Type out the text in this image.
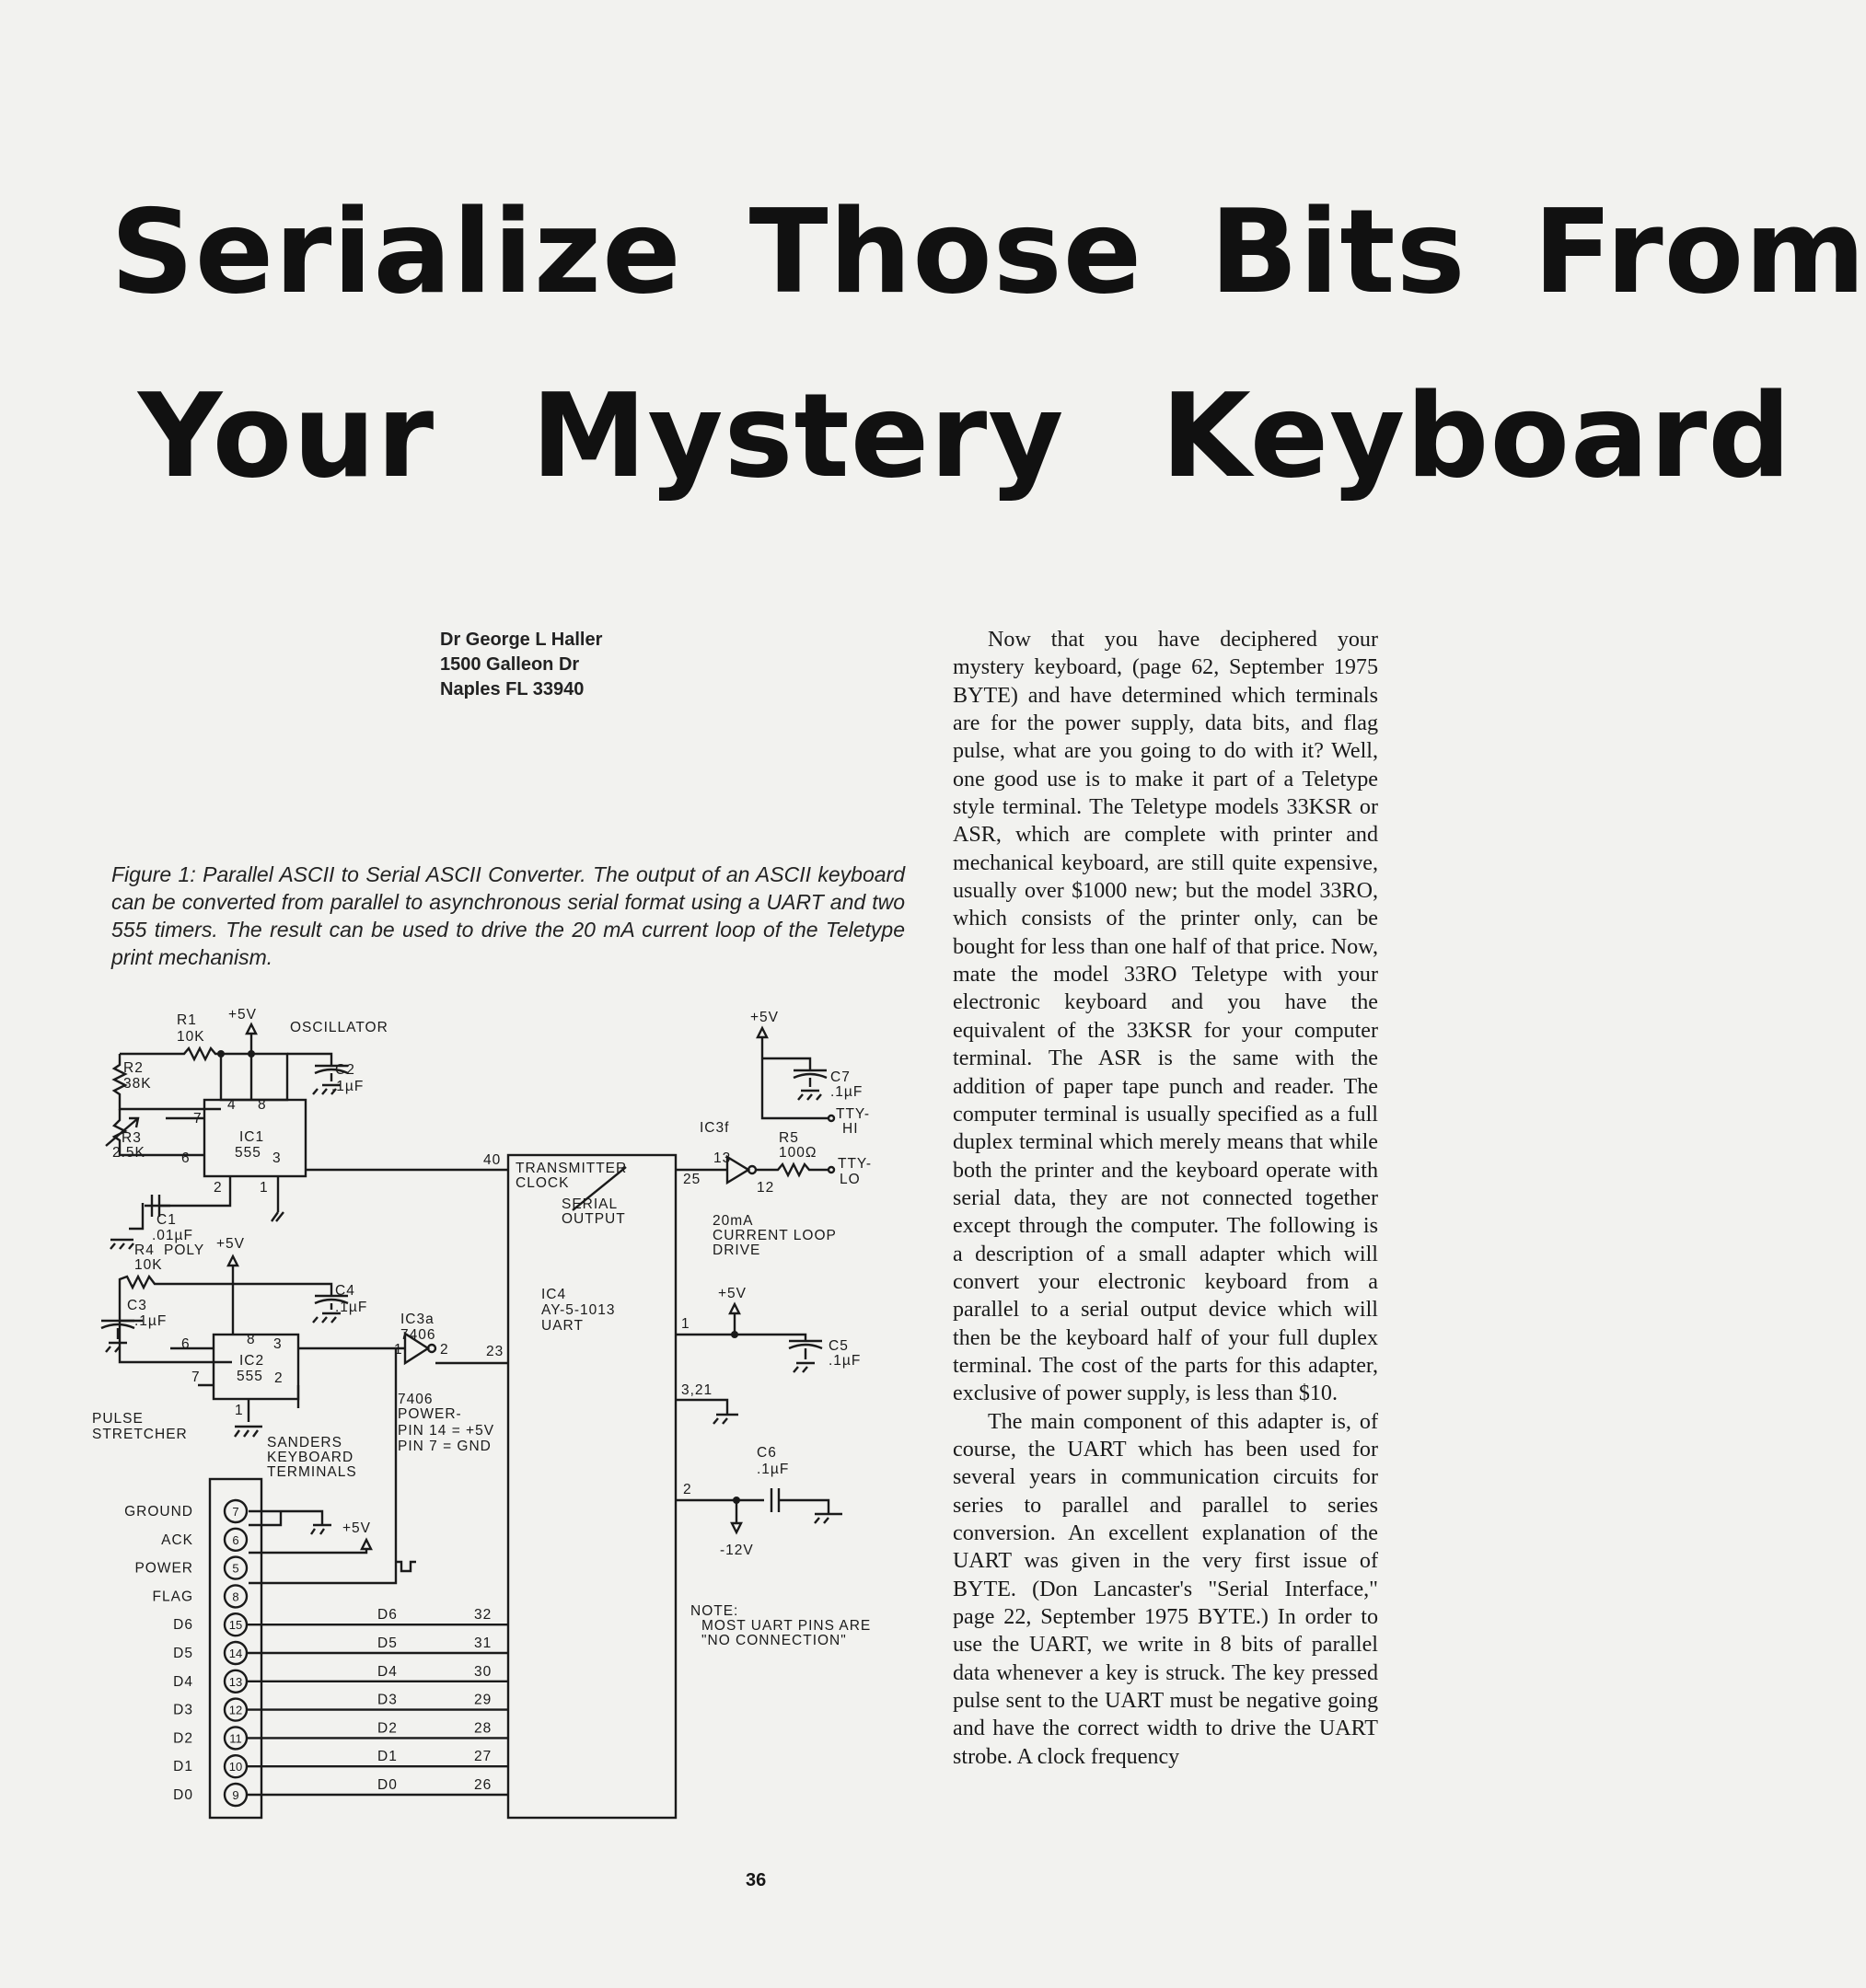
Serialize Those Bits From
Your Mystery Keyboard
Dr George L Haller
1500 Galleon Dr
Naples FL 33940
Figure 1: Parallel ASCII to Serial ASCII Converter. The output of an ASCII keyboard can be converted from parallel to asynchronous serial format using a UART and two 555 timers. The result can be used to drive the 20 mA current loop of the Teletype print mechanism.

Now that you have deciphered your mystery keyboard, (page 62, September 1975 BYTE) and have determined which terminals are for the power supply, data bits, and flag pulse, what are you going to do with it? Well, one good use is to make it part of a Teletype style terminal. The Teletype models 33KSR or ASR, which are complete with printer and mechanical keyboard, are still quite expensive, usually over $1000 new; but the model 33RO, which consists of the printer only, can be bought for less than one half of that price. Now, mate the model 33RO Teletype with your electronic keyboard and you have the equivalent of the 33KSR for your computer terminal. The ASR is the same with the addition of paper tape punch and reader. The computer terminal is usually specified as a full duplex terminal which merely means that while both the printer and the keyboard operate with serial data, they are not connected together except through the computer. The following is a description of a small adapter which will convert your electronic keyboard from a parallel to a serial output device which will then be the keyboard half of your full duplex terminal. The cost of the parts for this adapter, exclusive of power supply, is less than $10.

The main component of this adapter is, of course, the UART which has been used for several years in communication circuits for series to parallel and parallel to series conversion. An excellent explanation of the UART was given in the very first issue of BYTE. (Don Lancaster's "Serial Interface," page 22, September 1975 BYTE.) In order to use the UART, we write in 8 bits of parallel data whenever a key is struck. The key pressed pulse sent to the UART must be negative going and have the correct width to drive the UART strobe. A clock frequency

R1
10K
+5V
OSCILLATOR
C2
.1µF
R2
38K
4 8
7
IC1
555
6	3
2	1
R3
2.5K
C1
.01µF
R4 POLY
10K
+5V
C4
.1µF
C3
.1µF
8
6	3
IC2
555
7	2
1
PULSE
STRETCHER
IC3a
7406
1	2	23
7406
POWER-
PIN 14 = +5V
PIN 7 = GND
40
TRANSMITTER
CLOCK
SERIAL
OUTPUT
IC4
AY-5-1013
UART
25
IC3f
13
12
R5
100Ω
TTY-
LO
+5V
TTY-
HI
C7
.1µF
20mA
CURRENT LOOP
DRIVE
+5V
1
C5
.1µF
3,21
2
C6
.1µF
-12V
NOTE:
MOST UART PINS ARE
"NO CONNECTION"
SANDERS
KEYBOARD
TERMINALS
GROUND	7
ACK	6
POWER	5
FLAG	8
D6	15
D5	14
D4	13
D3	12
D2	11
D1	10
D0	9
+5V
D6	32
D5	31
D4	30
D3	29
D2	28
D1	27
D0	26
36
